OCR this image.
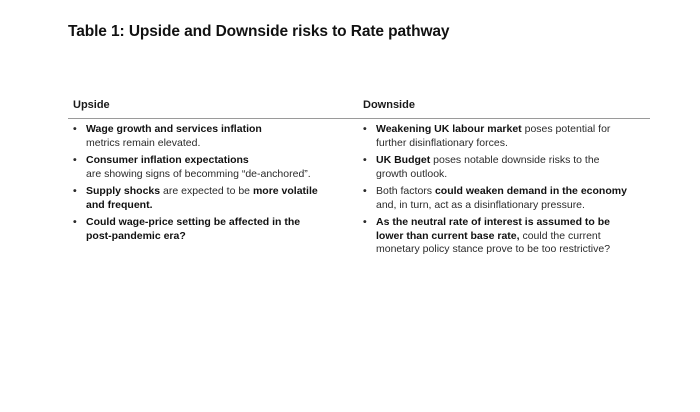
Table 1: Upside and Downside risks to Rate pathway
Upside	Downside
• Wage growth and services inflation
metrics remain elevated.
• Consumer inflation expectations
are showing signs of becomming “de-anchored”.
• Supply shocks are expected to be more volatile
and frequent.
• Could wage-price setting be affected in the
post-pandemic era?
• Weakening UK labour market poses potential for
further disinflationary forces.
• UK Budget poses notable downside risks to the
growth outlook.
• Both factors could weaken demand in the economy
and, in turn, act as a disinflationary pressure.
• As the neutral rate of interest is assumed to be
lower than current base rate, could the current
monetary policy stance prove to be too restrictive?
